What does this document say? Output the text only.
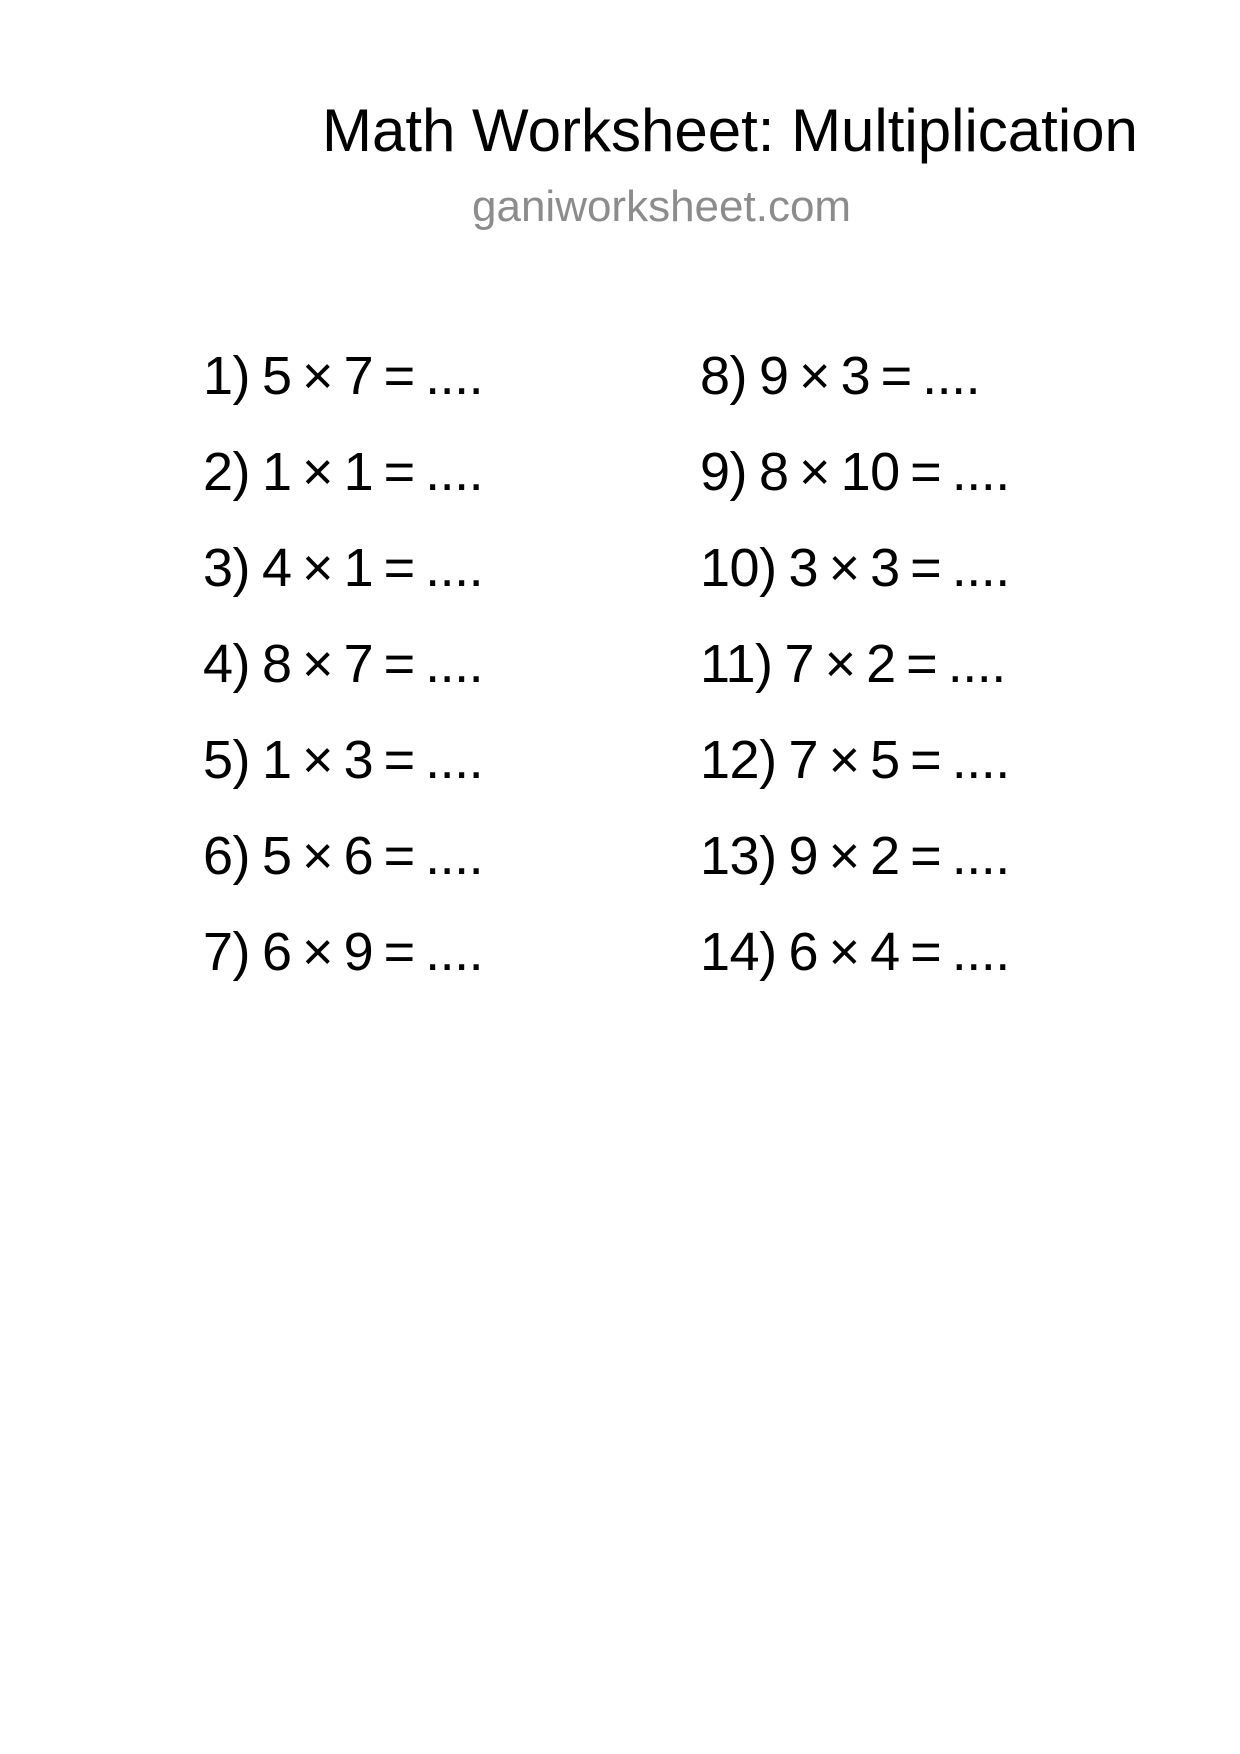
Math Worksheet: Multiplication
ganiworksheet.com
1) 5 × 7 = ....
2) 1 × 1 = ....
3) 4 × 1 = ....
4) 8 × 7 = ....
5) 1 × 3 = ....
6) 5 × 6 = ....
7) 6 × 9 = ....
8) 9 × 3 = ....
9) 8 × 10 = ....
10) 3 × 3 = ....
11) 7 × 2 = ....
12) 7 × 5 = ....
13) 9 × 2 = ....
14) 6 × 4 = ....
